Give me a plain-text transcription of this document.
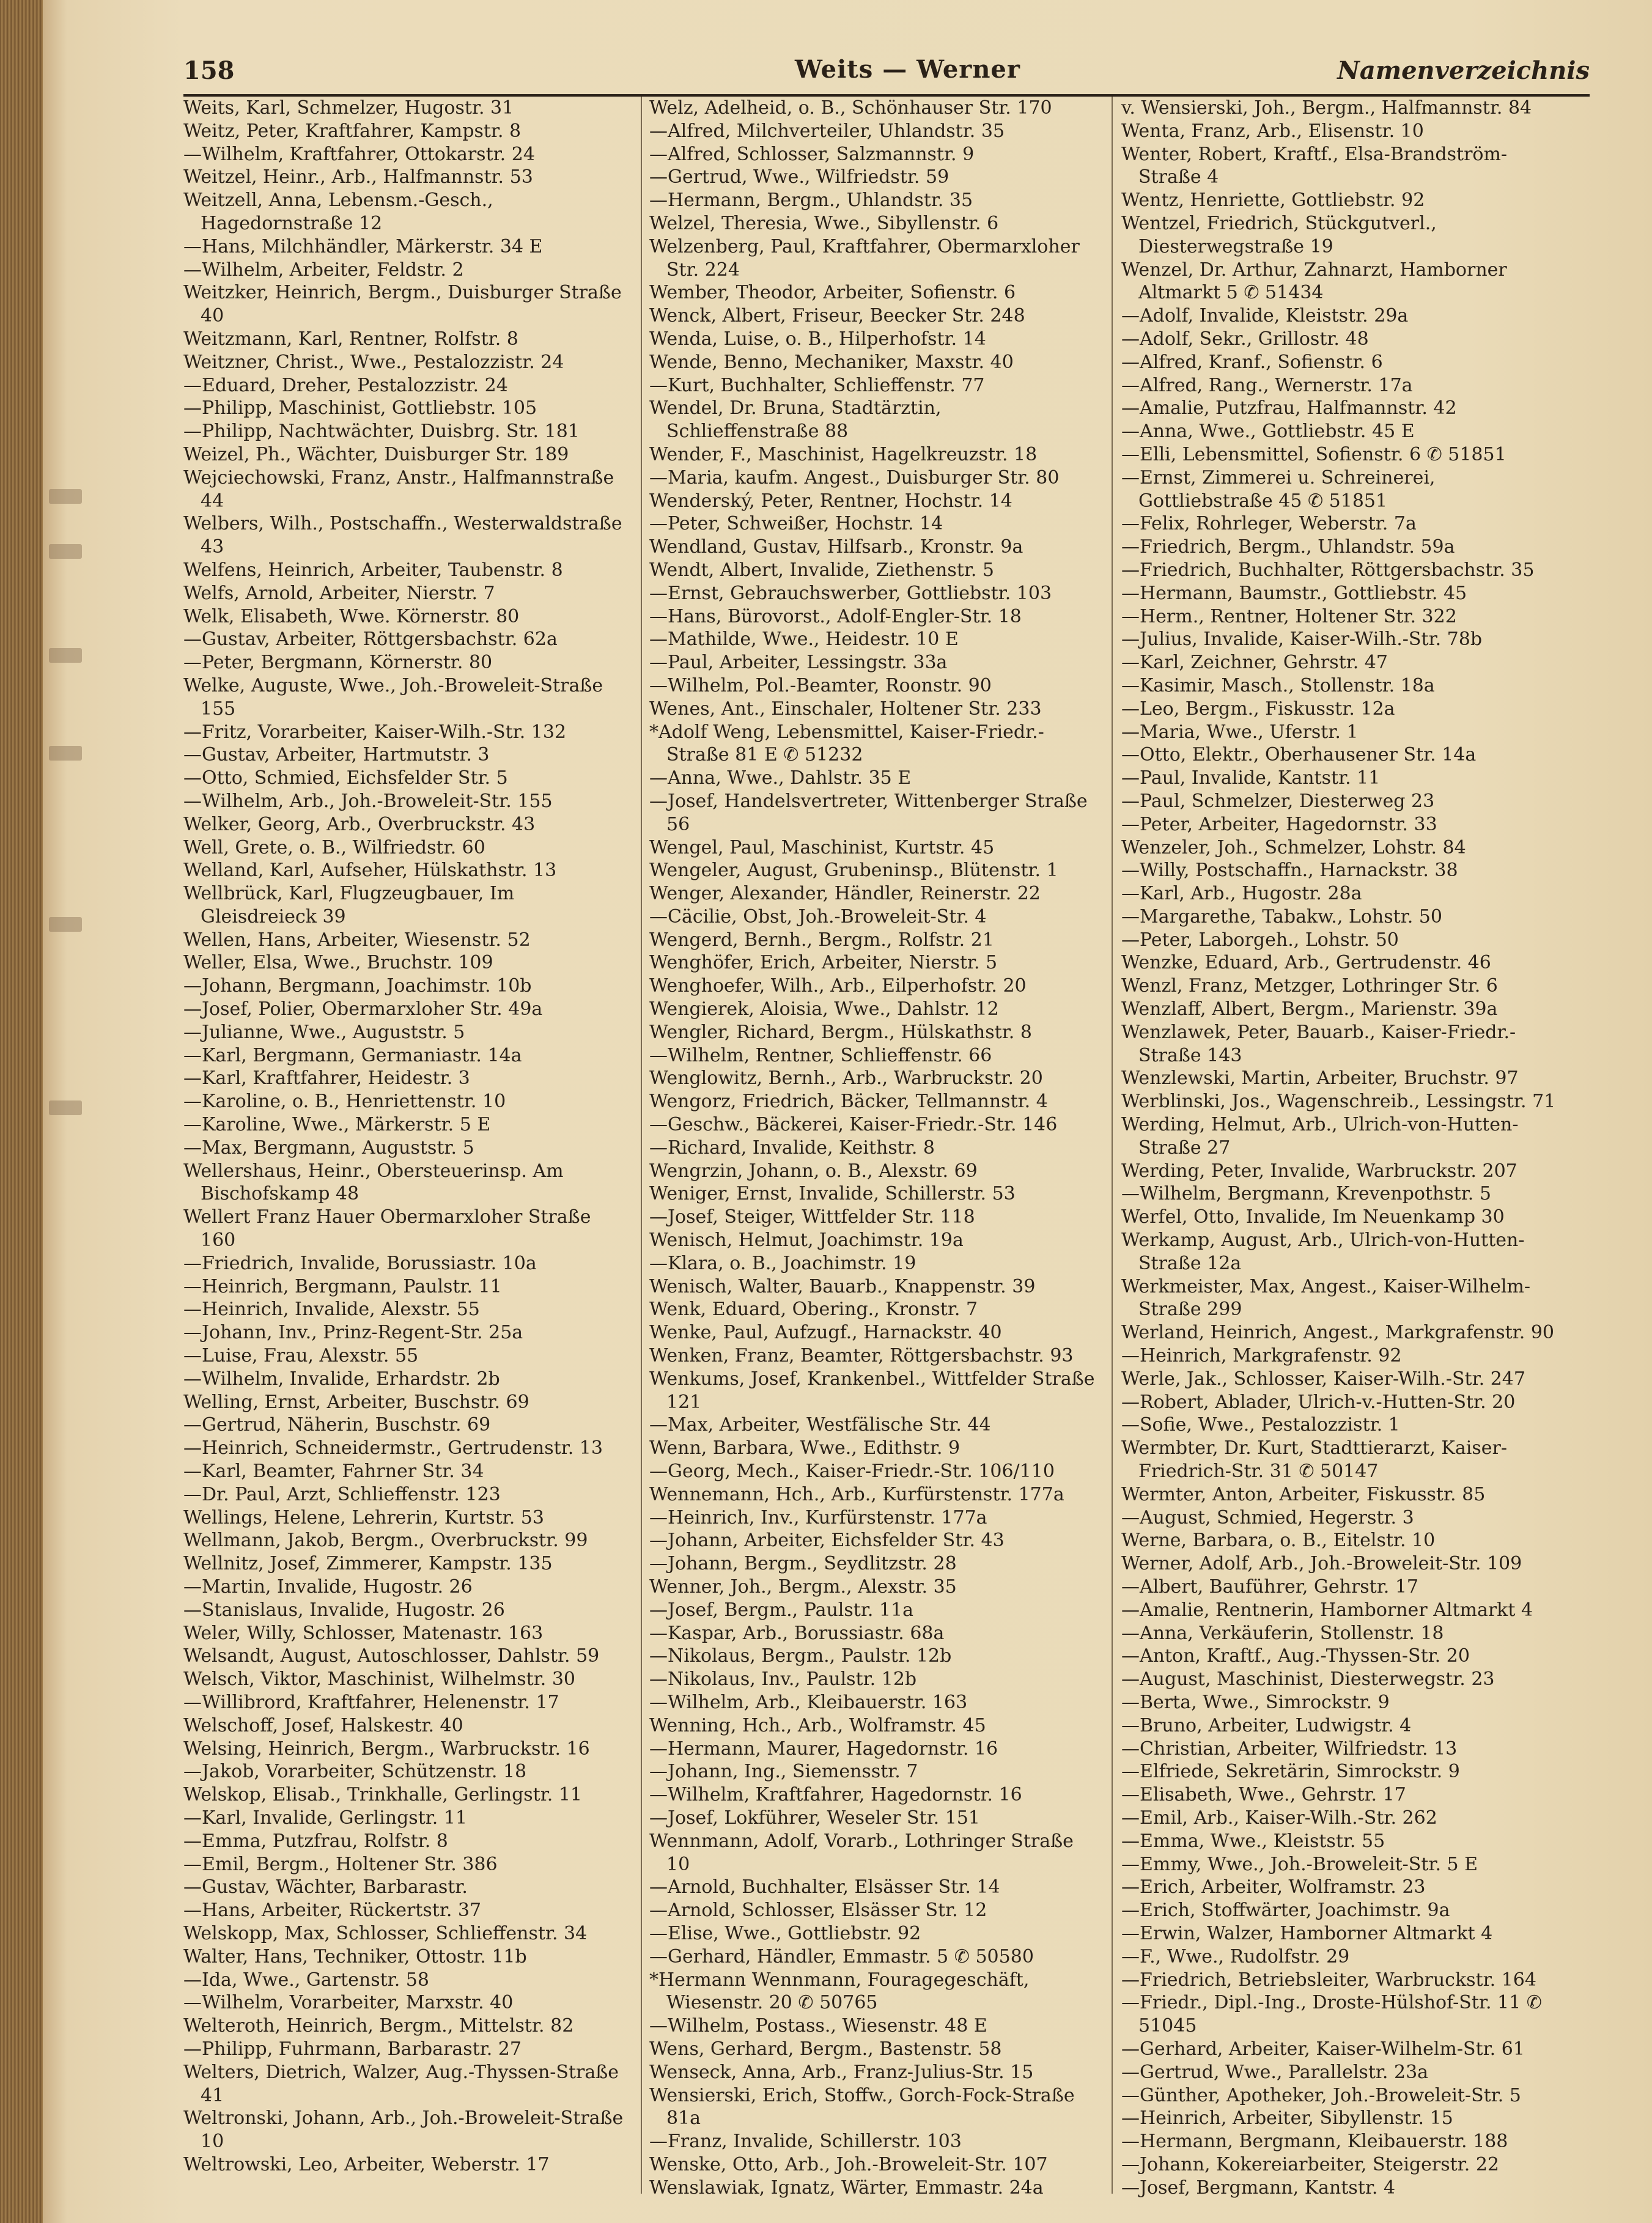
158	Weits — Werner	Namenverzeichnis
Weits, Karl, Schmelzer, Hugostr. 31
Weitz, Peter, Kraftfahrer, Kampstr. 8
—Wilhelm, Kraftfahrer, Ottokarstr. 24
Weitzel, Heinr., Arb., Halfmannstr. 53
Weitzell, Anna, Lebensm.-Gesch., Hagedornstraße 12
—Hans, Milchhändler, Märkerstr. 34 E
—Wilhelm, Arbeiter, Feldstr. 2
Weitzker, Heinrich, Bergm., Duisburger Straße 40
Weitzmann, Karl, Rentner, Rolfstr. 8
Weitzner, Christ., Wwe., Pestalozzistr. 24
—Eduard, Dreher, Pestalozzistr. 24
—Philipp, Maschinist, Gottliebstr. 105
—Philipp, Nachtwächter, Duisbrg. Str. 181
Weizel, Ph., Wächter, Duisburger Str. 189
Wejciechowski, Franz, Anstr., Halfmannstraße 44
Welbers, Wilh., Postschaffn., Westerwaldstraße 43
Welfens, Heinrich, Arbeiter, Taubenstr. 8
Welfs, Arnold, Arbeiter, Nierstr. 7
Welk, Elisabeth, Wwe. Körnerstr. 80
—Gustav, Arbeiter, Röttgersbachstr. 62a
—Peter, Bergmann, Körnerstr. 80
Welke, Auguste, Wwe., Joh.-Broweleit-Straße 155
—Fritz, Vorarbeiter, Kaiser-Wilh.-Str. 132
—Gustav, Arbeiter, Hartmutstr. 3
—Otto, Schmied, Eichsfelder Str. 5
—Wilhelm, Arb., Joh.-Broweleit-Str. 155
Welker, Georg, Arb., Overbruckstr. 43
Well, Grete, o. B., Wilfriedstr. 60
Welland, Karl, Aufseher, Hülskathstr. 13
Wellbrück, Karl, Flugzeugbauer, Im Gleisdreieck 39
Wellen, Hans, Arbeiter, Wiesenstr. 52
Weller, Elsa, Wwe., Bruchstr. 109
—Johann, Bergmann, Joachimstr. 10b
—Josef, Polier, Obermarxloher Str. 49a
—Julianne, Wwe., Auguststr. 5
—Karl, Bergmann, Germaniastr. 14a
—Karl, Kraftfahrer, Heidestr. 3
—Karoline, o. B., Henriettenstr. 10
—Karoline, Wwe., Märkerstr. 5 E
—Max, Bergmann, Auguststr. 5
Wellershaus, Heinr., Obersteuerinsp. Am Bischofskamp 48
Wellert Franz Hauer Obermarxloher Straße 160
—Friedrich, Invalide, Borussiastr. 10a
—Heinrich, Bergmann, Paulstr. 11
—Heinrich, Invalide, Alexstr. 55
—Johann, Inv., Prinz-Regent-Str. 25a
—Luise, Frau, Alexstr. 55
—Wilhelm, Invalide, Erhardstr. 2b
Welling, Ernst, Arbeiter, Buschstr. 69
—Gertrud, Näherin, Buschstr. 69
—Heinrich, Schneidermstr., Gertrudenstr. 13
—Karl, Beamter, Fahrner Str. 34
—Dr. Paul, Arzt, Schlieffenstr. 123
Wellings, Helene, Lehrerin, Kurtstr. 53
Wellmann, Jakob, Bergm., Overbruckstr. 99
Wellnitz, Josef, Zimmerer, Kampstr. 135
—Martin, Invalide, Hugostr. 26
—Stanislaus, Invalide, Hugostr. 26
Weler, Willy, Schlosser, Matenastr. 163
Welsandt, August, Autoschlosser, Dahlstr. 59
Welsch, Viktor, Maschinist, Wilhelmstr. 30
—Willibrord, Kraftfahrer, Helenenstr. 17
Welschoff, Josef, Halskestr. 40
Welsing, Heinrich, Bergm., Warbruckstr. 16
—Jakob, Vorarbeiter, Schützenstr. 18
Welskop, Elisab., Trinkhalle, Gerlingstr. 11
—Karl, Invalide, Gerlingstr. 11
—Emma, Putzfrau, Rolfstr. 8
—Emil, Bergm., Holtener Str. 386
—Gustav, Wächter, Barbarastr.
—Hans, Arbeiter, Rückertstr. 37
Welskopp, Max, Schlosser, Schlieffenstr. 34
Walter, Hans, Techniker, Ottostr. 11b
—Ida, Wwe., Gartenstr. 58
—Wilhelm, Vorarbeiter, Marxstr. 40
Welteroth, Heinrich, Bergm., Mittelstr. 82
—Philipp, Fuhrmann, Barbarastr. 27
Welters, Dietrich, Walzer, Aug.-Thyssen-Straße 41
Weltronski, Johann, Arb., Joh.-Broweleit-Straße 10
Weltrowski, Leo, Arbeiter, Weberstr. 17
Welz, Adelheid, o. B., Schönhauser Str. 170
—Alfred, Milchverteiler, Uhlandstr. 35
—Alfred, Schlosser, Salzmannstr. 9
—Gertrud, Wwe., Wilfriedstr. 59
—Hermann, Bergm., Uhlandstr. 35
Welzel, Theresia, Wwe., Sibyllenstr. 6
Welzenberg, Paul, Kraftfahrer, Obermarxloher Str. 224
Wember, Theodor, Arbeiter, Sofienstr. 6
Wenck, Albert, Friseur, Beecker Str. 248
Wenda, Luise, o. B., Hilperhofstr. 14
Wende, Benno, Mechaniker, Maxstr. 40
—Kurt, Buchhalter, Schlieffenstr. 77
Wendel, Dr. Bruna, Stadtärztin, Schlieffenstraße 88
Wender, F., Maschinist, Hagelkreuzstr. 18
—Maria, kaufm. Angest., Duisburger Str. 80
Wenderský, Peter, Rentner, Hochstr. 14
—Peter, Schweißer, Hochstr. 14
Wendland, Gustav, Hilfsarb., Kronstr. 9a
Wendt, Albert, Invalide, Ziethenstr. 5
—Ernst, Gebrauchswerber, Gottliebstr. 103
—Hans, Bürovorst., Adolf-Engler-Str. 18
—Mathilde, Wwe., Heidestr. 10 E
—Paul, Arbeiter, Lessingstr. 33a
—Wilhelm, Pol.-Beamter, Roonstr. 90
Wenes, Ant., Einschaler, Holtener Str. 233
*Adolf Weng, Lebensmittel, Kaiser-Friedr.-Straße 81 E ✆ 51232
—Anna, Wwe., Dahlstr. 35 E
—Josef, Handelsvertreter, Wittenberger Straße 56
Wengel, Paul, Maschinist, Kurtstr. 45
Wengeler, August, Grubeninsp., Blütenstr. 1
Wenger, Alexander, Händler, Reinerstr. 22
—Cäcilie, Obst, Joh.-Broweleit-Str. 4
Wengerd, Bernh., Bergm., Rolfstr. 21
Wenghöfer, Erich, Arbeiter, Nierstr. 5
Wenghoefer, Wilh., Arb., Eilperhofstr. 20
Wengierek, Aloisia, Wwe., Dahlstr. 12
Wengler, Richard, Bergm., Hülskathstr. 8
—Wilhelm, Rentner, Schlieffenstr. 66
Wenglowitz, Bernh., Arb., Warbruckstr. 20
Wengorz, Friedrich, Bäcker, Tellmannstr. 4
—Geschw., Bäckerei, Kaiser-Friedr.-Str. 146
—Richard, Invalide, Keithstr. 8
Wengrzin, Johann, o. B., Alexstr. 69
Weniger, Ernst, Invalide, Schillerstr. 53
—Josef, Steiger, Wittfelder Str. 118
Wenisch, Helmut, Joachimstr. 19a
—Klara, o. B., Joachimstr. 19
Wenisch, Walter, Bauarb., Knappenstr. 39
Wenk, Eduard, Obering., Kronstr. 7
Wenke, Paul, Aufzugf., Harnackstr. 40
Wenken, Franz, Beamter, Röttgersbachstr. 93
Wenkums, Josef, Krankenbel., Wittfelder Straße 121
—Max, Arbeiter, Westfälische Str. 44
Wenn, Barbara, Wwe., Edithstr. 9
—Georg, Mech., Kaiser-Friedr.-Str. 106/110
Wennemann, Hch., Arb., Kurfürstenstr. 177a
—Heinrich, Inv., Kurfürstenstr. 177a
—Johann, Arbeiter, Eichsfelder Str. 43
—Johann, Bergm., Seydlitzstr. 28
Wenner, Joh., Bergm., Alexstr. 35
—Josef, Bergm., Paulstr. 11a
—Kaspar, Arb., Borussiastr. 68a
—Nikolaus, Bergm., Paulstr. 12b
—Nikolaus, Inv., Paulstr. 12b
—Wilhelm, Arb., Kleibauerstr. 163
Wenning, Hch., Arb., Wolframstr. 45
—Hermann, Maurer, Hagedornstr. 16
—Johann, Ing., Siemensstr. 7
—Wilhelm, Kraftfahrer, Hagedornstr. 16
—Josef, Lokführer, Weseler Str. 151
Wennmann, Adolf, Vorarb., Lothringer Straße 10
—Arnold, Buchhalter, Elsässer Str. 14
—Arnold, Schlosser, Elsässer Str. 12
—Elise, Wwe., Gottliebstr. 92
—Gerhard, Händler, Emmastr. 5 ✆ 50580
*Hermann Wennmann, Fouragegeschäft, Wiesenstr. 20 ✆ 50765
—Wilhelm, Postass., Wiesenstr. 48 E
Wens, Gerhard, Bergm., Bastenstr. 58
Wenseck, Anna, Arb., Franz-Julius-Str. 15
Wensierski, Erich, Stoffw., Gorch-Fock-Straße 81a
—Franz, Invalide, Schillerstr. 103
Wenske, Otto, Arb., Joh.-Broweleit-Str. 107
Wenslawiak, Ignatz, Wärter, Emmastr. 24a
v. Wensierski, Joh., Bergm., Halfmannstr. 84
Wenta, Franz, Arb., Elisenstr. 10
Wenter, Robert, Kraftf., Elsa-Brandström-Straße 4
Wentz, Henriette, Gottliebstr. 92
Wentzel, Friedrich, Stückgutverl., Diesterwegstraße 19
Wenzel, Dr. Arthur, Zahnarzt, Hamborner Altmarkt 5 ✆ 51434
—Adolf, Invalide, Kleiststr. 29a
—Adolf, Sekr., Grillostr. 48
—Alfred, Kranf., Sofienstr. 6
—Alfred, Rang., Wernerstr. 17a
—Amalie, Putzfrau, Halfmannstr. 42
—Anna, Wwe., Gottliebstr. 45 E
—Elli, Lebensmittel, Sofienstr. 6 ✆ 51851
—Ernst, Zimmerei u. Schreinerei, Gottliebstraße 45 ✆ 51851
—Felix, Rohrleger, Weberstr. 7a
—Friedrich, Bergm., Uhlandstr. 59a
—Friedrich, Buchhalter, Röttgersbachstr. 35
—Hermann, Baumstr., Gottliebstr. 45
—Herm., Rentner, Holtener Str. 322
—Julius, Invalide, Kaiser-Wilh.-Str. 78b
—Karl, Zeichner, Gehrstr. 47
—Kasimir, Masch., Stollenstr. 18a
—Leo, Bergm., Fiskusstr. 12a
—Maria, Wwe., Uferstr. 1
—Otto, Elektr., Oberhausener Str. 14a
—Paul, Invalide, Kantstr. 11
—Paul, Schmelzer, Diesterweg 23
—Peter, Arbeiter, Hagedornstr. 33
Wenzeler, Joh., Schmelzer, Lohstr. 84
—Willy, Postschaffn., Harnackstr. 38
—Karl, Arb., Hugostr. 28a
—Margarethe, Tabakw., Lohstr. 50
—Peter, Laborgeh., Lohstr. 50
Wenzke, Eduard, Arb., Gertrudenstr. 46
Wenzl, Franz, Metzger, Lothringer Str. 6
Wenzlaff, Albert, Bergm., Marienstr. 39a
Wenzlawek, Peter, Bauarb., Kaiser-Friedr.-Straße 143
Wenzlewski, Martin, Arbeiter, Bruchstr. 97
Werblinski, Jos., Wagenschreib., Lessingstr. 71
Werding, Helmut, Arb., Ulrich-von-Hutten-Straße 27
Werding, Peter, Invalide, Warbruckstr. 207
—Wilhelm, Bergmann, Krevenpothstr. 5
Werfel, Otto, Invalide, Im Neuenkamp 30
Werkamp, August, Arb., Ulrich-von-Hutten-Straße 12a
Werkmeister, Max, Angest., Kaiser-Wilhelm-Straße 299
Werland, Heinrich, Angest., Markgrafenstr. 90
—Heinrich, Markgrafenstr. 92
Werle, Jak., Schlosser, Kaiser-Wilh.-Str. 247
—Robert, Ablader, Ulrich-v.-Hutten-Str. 20
—Sofie, Wwe., Pestalozzistr. 1
Wermbter, Dr. Kurt, Stadttierarzt, Kaiser-Friedrich-Str. 31 ✆ 50147
Wermter, Anton, Arbeiter, Fiskusstr. 85
—August, Schmied, Hegerstr. 3
Werne, Barbara, o. B., Eitelstr. 10
Werner, Adolf, Arb., Joh.-Broweleit-Str. 109
—Albert, Bauführer, Gehrstr. 17
—Amalie, Rentnerin, Hamborner Altmarkt 4
—Anna, Verkäuferin, Stollenstr. 18
—Anton, Kraftf., Aug.-Thyssen-Str. 20
—August, Maschinist, Diesterwegstr. 23
—Berta, Wwe., Simrockstr. 9
—Bruno, Arbeiter, Ludwigstr. 4
—Christian, Arbeiter, Wilfriedstr. 13
—Elfriede, Sekretärin, Simrockstr. 9
—Elisabeth, Wwe., Gehrstr. 17
—Emil, Arb., Kaiser-Wilh.-Str. 262
—Emma, Wwe., Kleiststr. 55
—Emmy, Wwe., Joh.-Broweleit-Str. 5 E
—Erich, Arbeiter, Wolframstr. 23
—Erich, Stoffwärter, Joachimstr. 9a
—Erwin, Walzer, Hamborner Altmarkt 4
—F., Wwe., Rudolfstr. 29
—Friedrich, Betriebsleiter, Warbruckstr. 164
—Friedr., Dipl.-Ing., Droste-Hülshof-Str. 11 ✆ 51045
—Gerhard, Arbeiter, Kaiser-Wilhelm-Str. 61
—Gertrud, Wwe., Parallelstr. 23a
—Günther, Apotheker, Joh.-Broweleit-Str. 5
—Heinrich, Arbeiter, Sibyllenstr. 15
—Hermann, Bergmann, Kleibauerstr. 188
—Johann, Kokereiarbeiter, Steigerstr. 22
—Josef, Bergmann, Kantstr. 4
